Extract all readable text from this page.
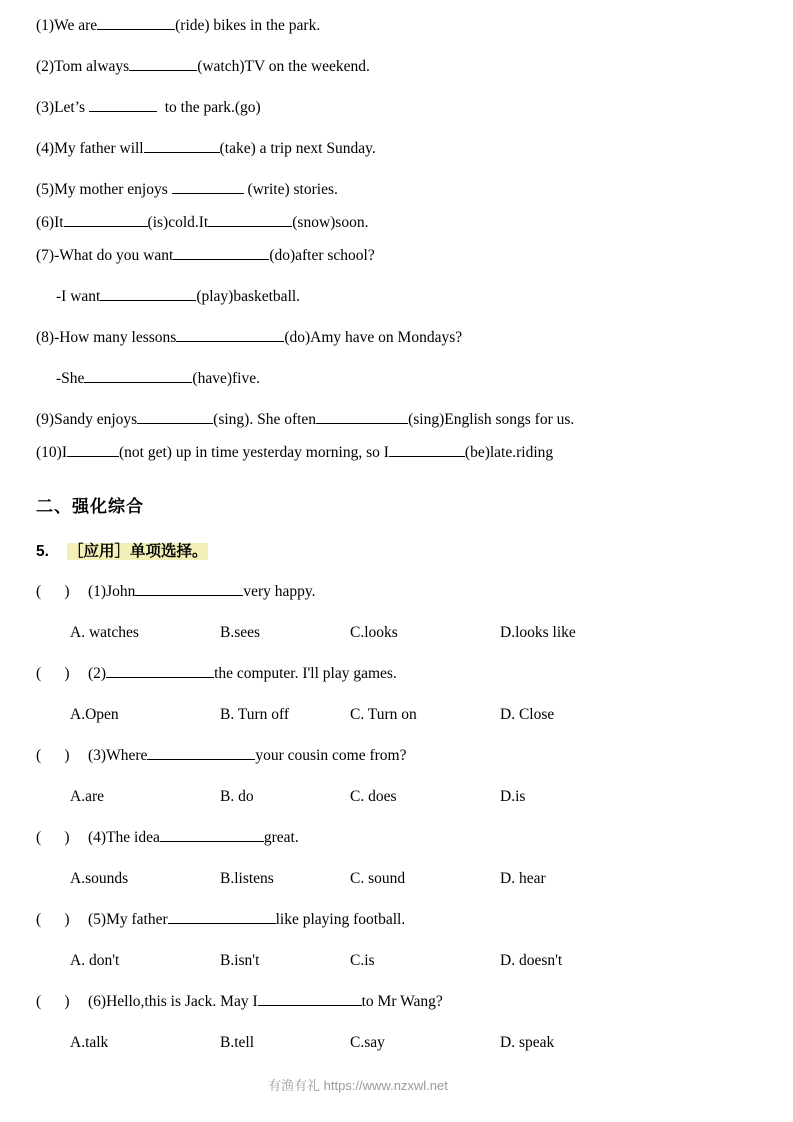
(1)We are	(ride) bikes in the park.
(2)Tom always	(watch)TV on the weekend.
(3)Let’s	to the park.(go)
(4)My father will	(take) a trip next Sunday.
(5)My mother enjoys	(write) stories.
(6)It	(is)cold.It	(snow)soon.
(7)-What do you want	(do)after school?
-I want	(play)basketball.
(8)-How many lessons	(do)Amy have on Mondays?
-She	(have)five.
(9)Sandy enjoys	(sing). She often	(sing)English songs for us.
(10)I	(not get) up in time yesterday morning, so I	(be)late.riding
二、强化综合
5. ［应用］单项选择。
(      ) (1)John	very happy.
A. watches	B.sees	C.looks	D.looks like
(      ) (2)	the computer. I'll play games.
A.Open	B. Turn off	C. Turn on	D. Close
(      ) (3)Where	your cousin come from?
A.are	B. do	C. does	D.is
(      ) (4)The idea	great.
A.sounds	B.listens	C. sound	D. hear
(      ) (5)My father	like playing football.
A. don't	B.isn't	C.is	D. doesn't
(      ) (6)Hello,this is Jack. May I	to Mr Wang?
A.talk	B.tell	C.say	D. speak
有渔有礼 https://www.nzxwl.net
